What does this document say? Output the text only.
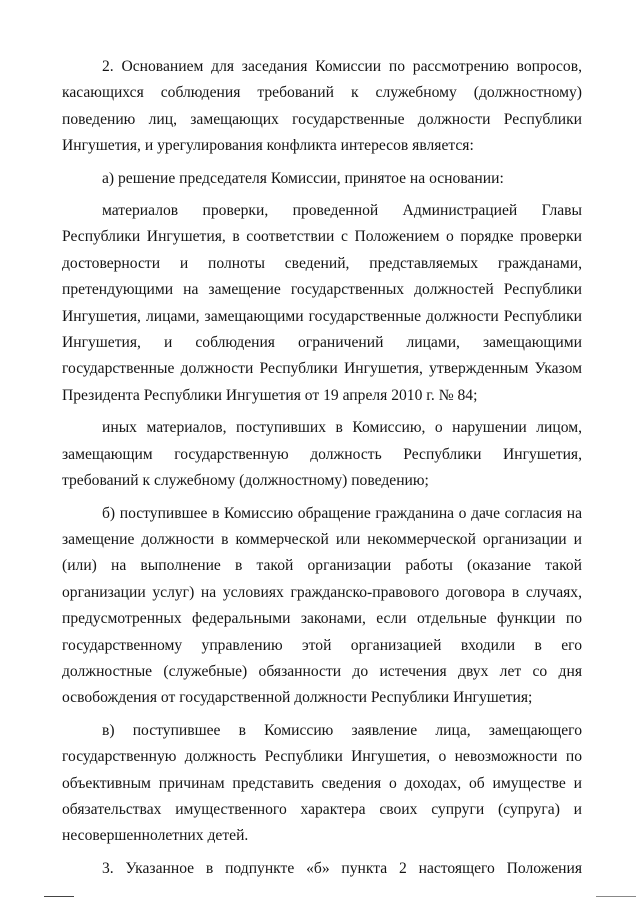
2. Основанием для заседания Комиссии по рассмотрению вопросов, касающихся соблюдения требований к служебному (должностному) поведению лиц, замещающих государственные должности Республики Ингушетия, и урегулирования конфликта интересов является:

а) решение председателя Комиссии, принятое на основании:

материалов проверки, проведенной Администрацией Главы Республики Ингушетия, в соответствии с Положением о порядке проверки достоверности и полноты сведений, представляемых гражданами, претендующими на замещение государственных должностей Республики Ингушетия, лицами, замещающими государственные должности Республики Ингушетия, и соблюдения ограничений лицами, замещающими государственные должности Республики Ингушетия, утвержденным Указом Президента Республики Ингушетия от 19 апреля 2010 г. № 84;

иных материалов, поступивших в Комиссию, о нарушении лицом, замещающим государственную должность Республики Ингушетия, требований к служебному (должностному) поведению;

б) поступившее в Комиссию обращение гражданина о даче согласия на замещение должности в коммерческой или некоммерческой организации и (или) на выполнение в такой организации работы (оказание такой организации услуг) на условиях гражданско-правового договора в случаях, предусмотренных федеральными законами, если отдельные функции по государственному управлению этой организацией входили в его должностные (служебные) обязанности до истечения двух лет со дня освобождения от государственной должности Республики Ингушетия;

в) поступившее в Комиссию заявление лица, замещающего государственную должность Республики Ингушетия, о невозможности по объективным причинам представить сведения о доходах, об имуществе и обязательствах имущественного характера своих супруги (супруга) и несовершеннолетних детей.

3. Указанное в подпункте «б» пункта 2 настоящего Положения
